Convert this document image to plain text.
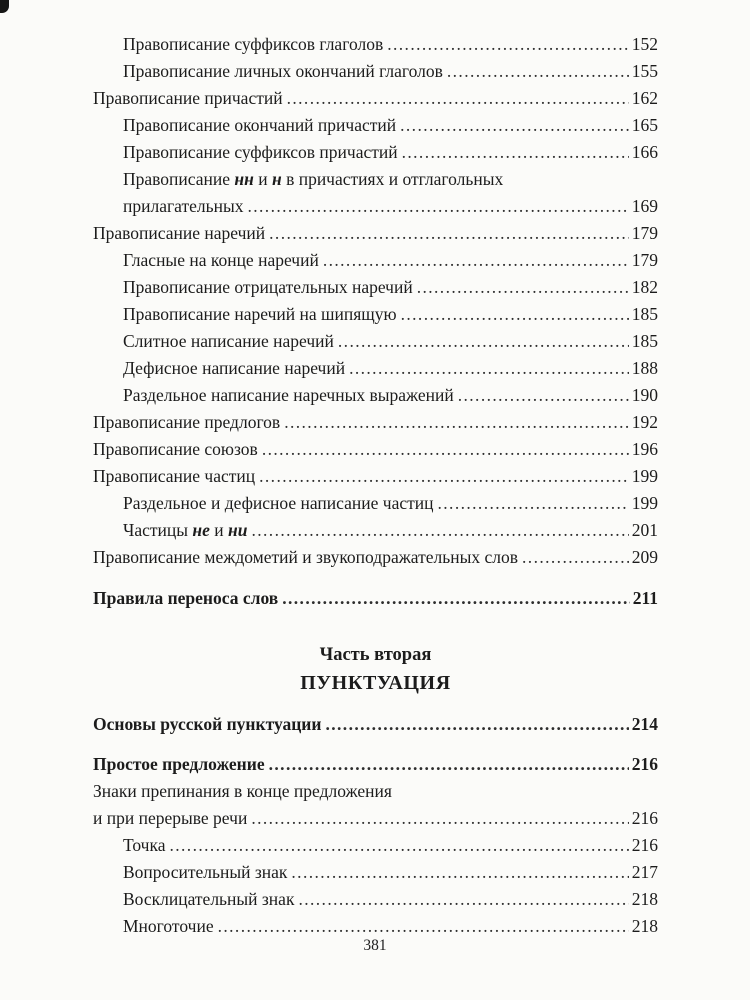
Правописание суффиксов глаголов .....	152
Правописание личных окончаний глаголов .....	155
Правописание причастий .....	162
Правописание окончаний причастий .....	165
Правописание суффиксов причастий .....	166
Правописание нн и н в причастиях и отглагольных
прилагательных .....	169
Правописание наречий .....	179
Гласные на конце наречий .....	179
Правописание отрицательных наречий .....	182
Правописание наречий на шипящую .....	185
Слитное написание наречий .....	185
Дефисное написание наречий .....	188
Раздельное написание наречных выражений .....	190
Правописание предлогов .....	192
Правописание союзов .....	196
Правописание частиц .....	199
Раздельное и дефисное написание частиц .....	199
Частицы не и ни .....	201
Правописание междометий и звукоподражательных слов .....	209
Правила переноса слов .....	211
Часть вторая
ПУНКТУАЦИЯ
Основы русской пунктуации .....	214
Простое предложение .....	216
Знаки препинания в конце предложения
и при перерыве речи .....	216
Точка .....	216
Вопросительный знак .....	217
Восклицательный знак .....	218
Многоточие .....	218
381
